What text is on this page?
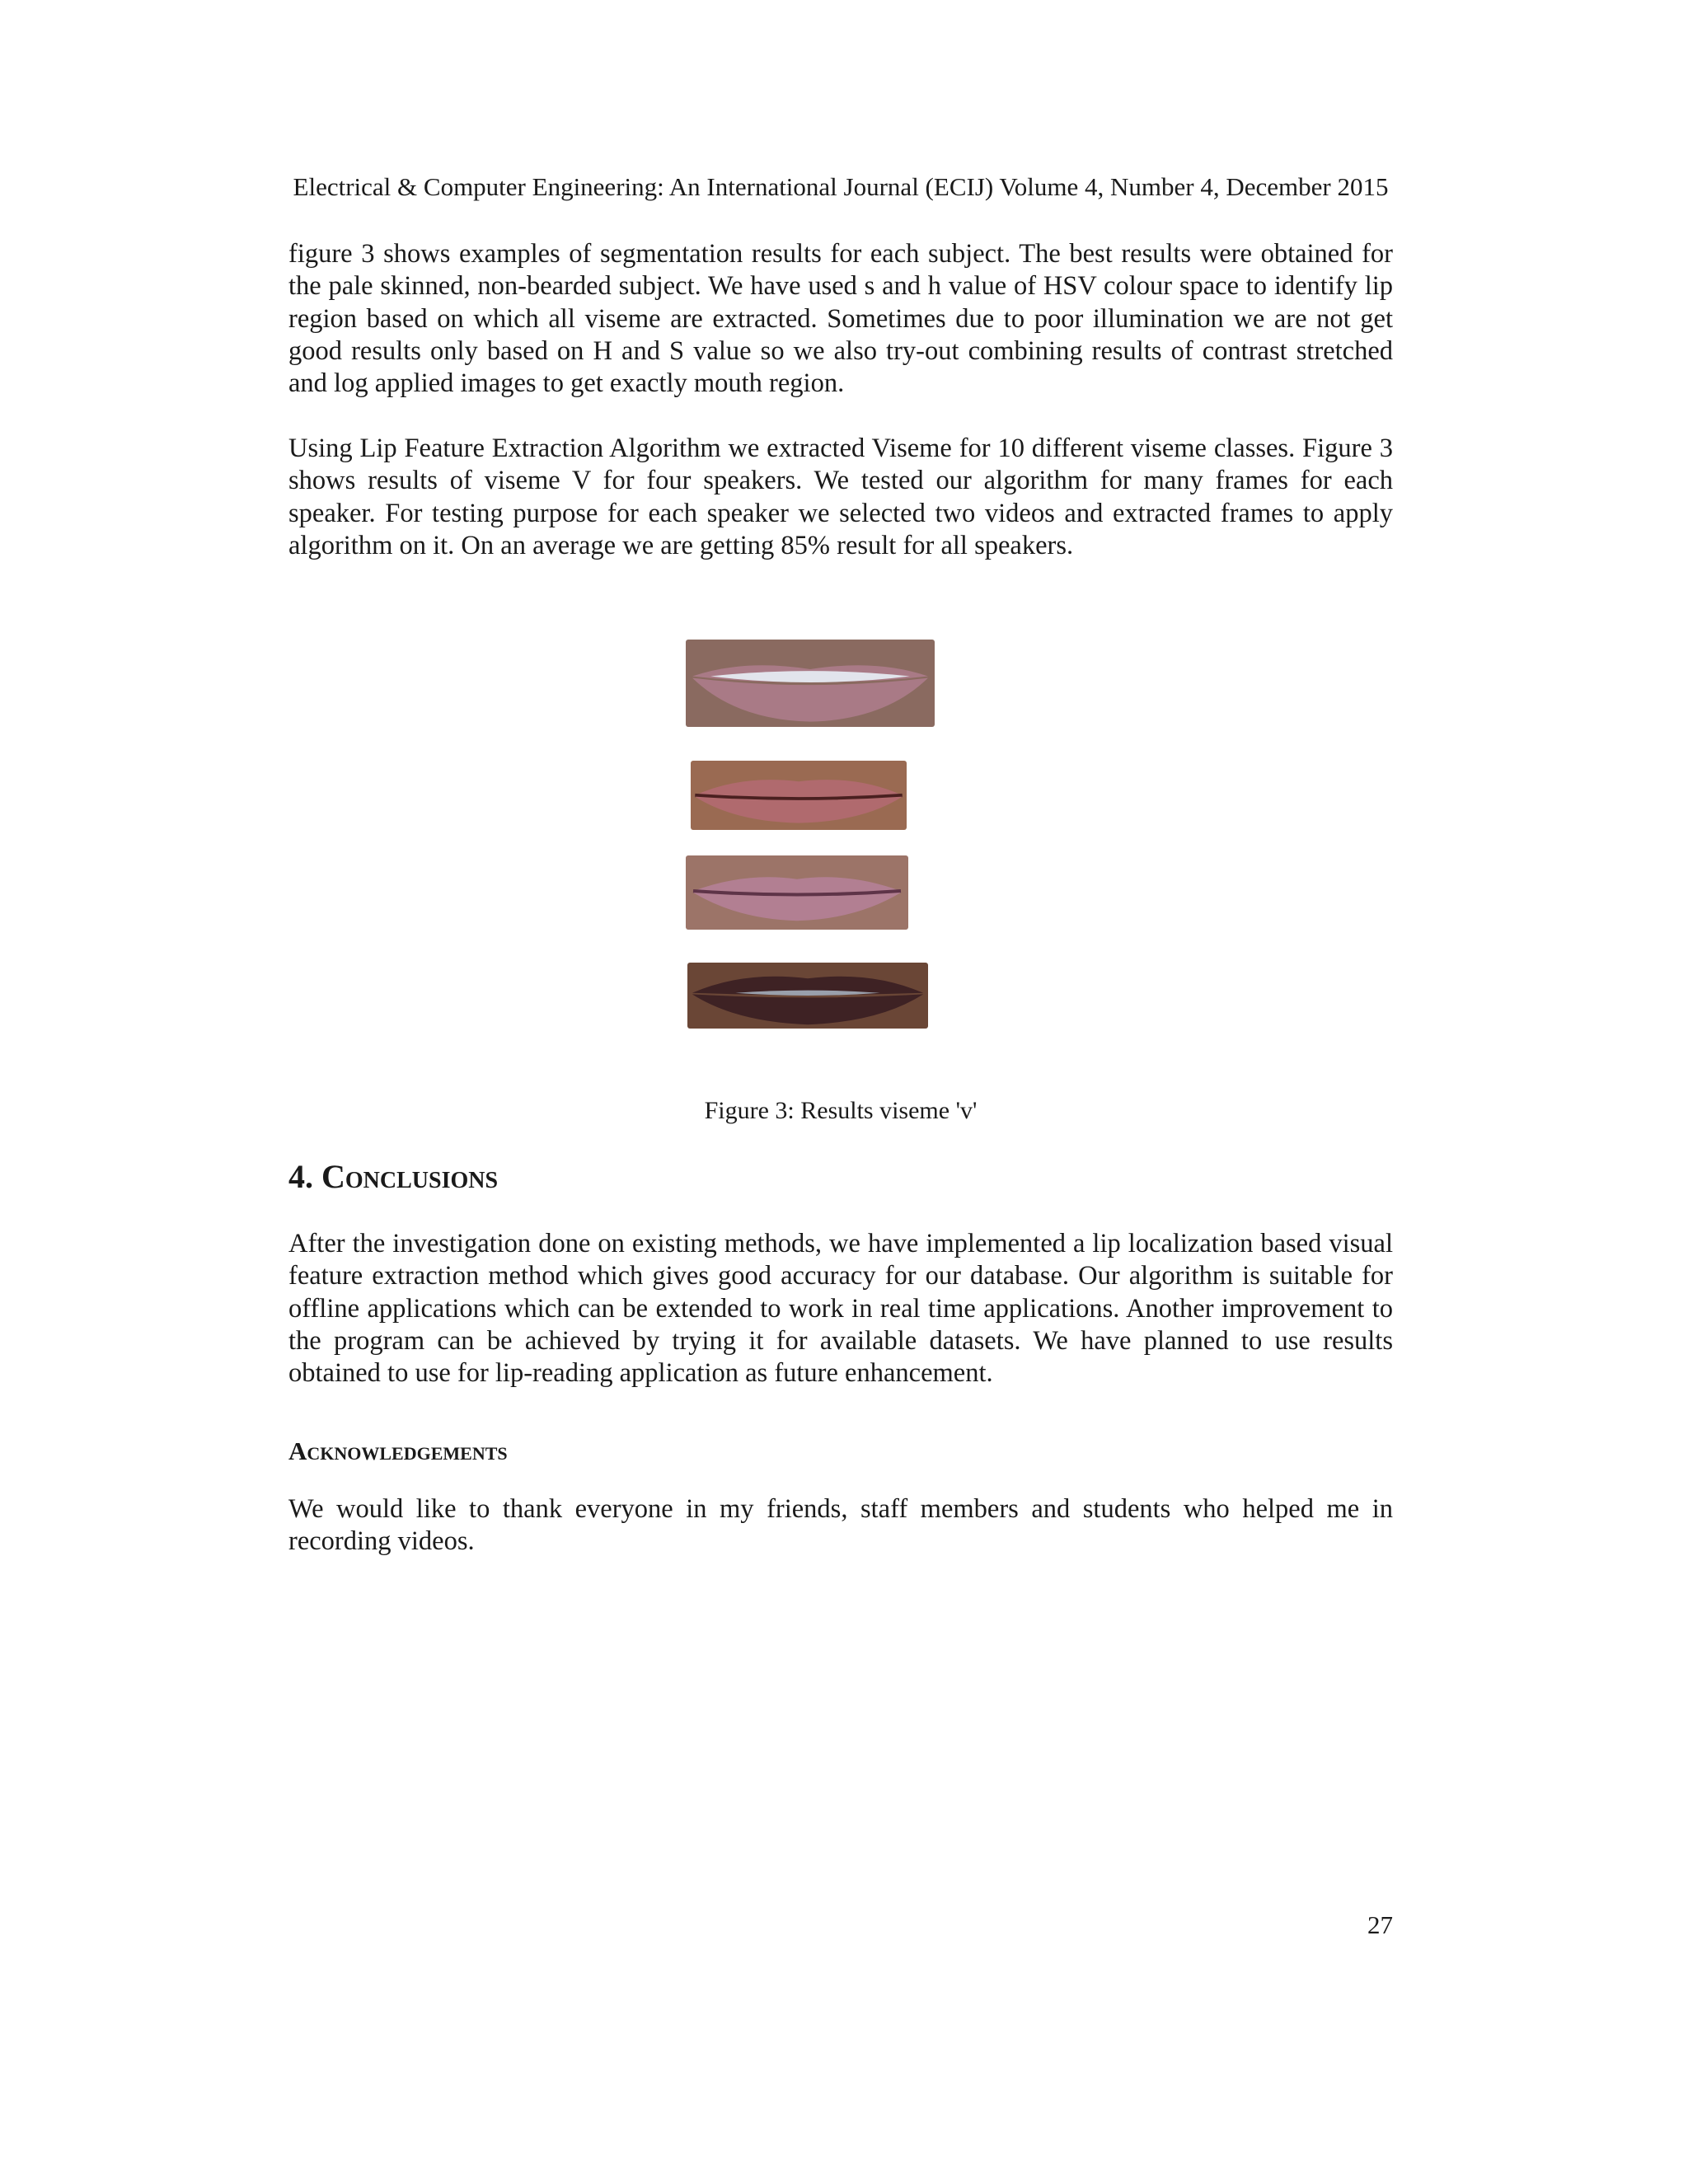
Electrical & Computer Engineering: An International Journal (ECIJ) Volume 4, Number 4, December 2015

figure 3 shows examples of segmentation results for each subject. The best results were obtained for the pale skinned, non-bearded subject. We have used s and h value of HSV colour space to identify lip region based on which all viseme are extracted. Sometimes due to poor illumination we are not get good results only based on H and S value so we also try-out combining results of contrast stretched and log applied images to get exactly mouth region.

Using Lip Feature Extraction Algorithm we extracted Viseme for 10 different viseme classes. Figure 3 shows results of viseme V for four speakers. We tested our algorithm for many frames for each speaker. For testing purpose for each speaker we selected two videos and extracted frames to apply algorithm on it. On an average we are getting 85% result for all speakers.

Figure 3: Results viseme 'v'
4. Conclusions

After the investigation done on existing methods, we have implemented a lip localization based visual feature extraction method which gives good accuracy for our database. Our algorithm is suitable for offline applications which can be extended to work in real time applications. Another improvement to the program can be achieved by trying it for available datasets. We have planned to use results obtained to use for lip-reading application as future enhancement.

Acknowledgements

We would like to thank everyone in my friends, staff members and students who helped me in recording videos.

27
